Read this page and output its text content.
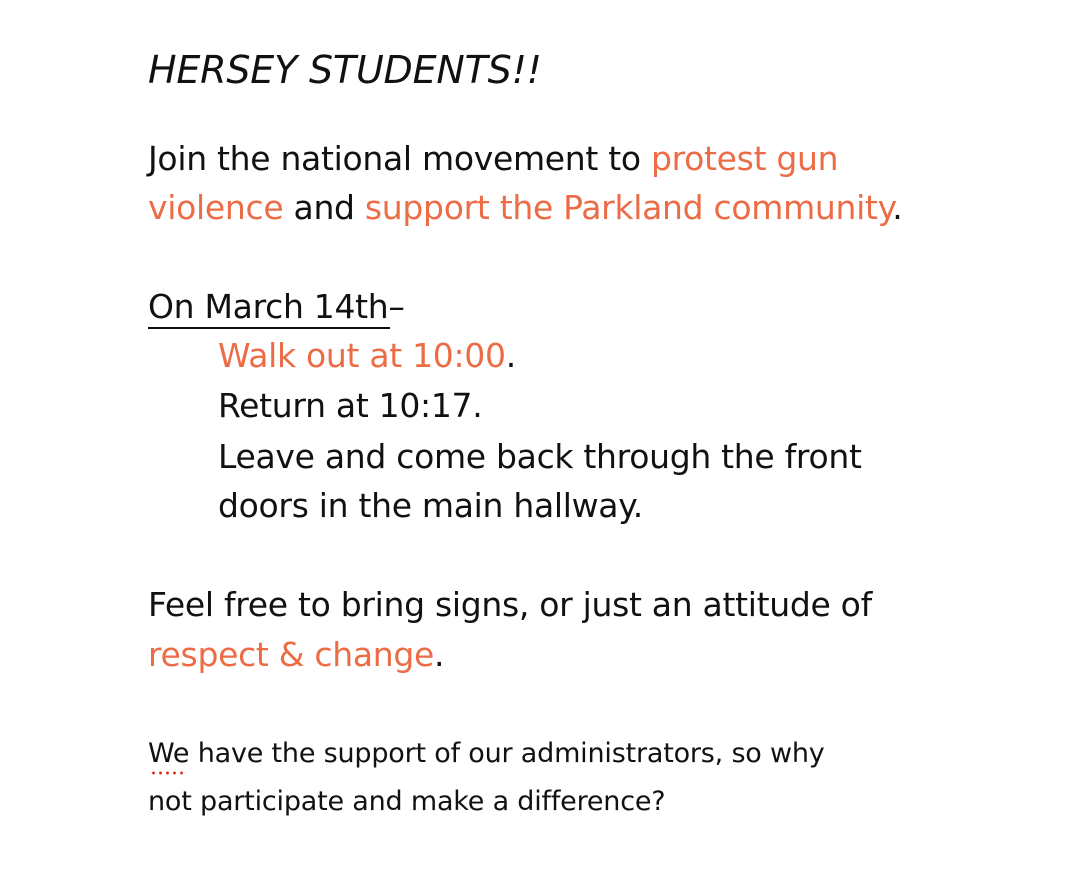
HERSEY STUDENTS!!
Join the national movement to protest gun
violence and support the Parkland community.
On March 14th
–
Walk out at 10:00.
Return at 10:17.
Leave and come back through the front
doors in the main hallway.
Feel free to bring signs, or just an attitude of
respect & change.
We
have the support of our administrators, so why
not participate and make a difference?
